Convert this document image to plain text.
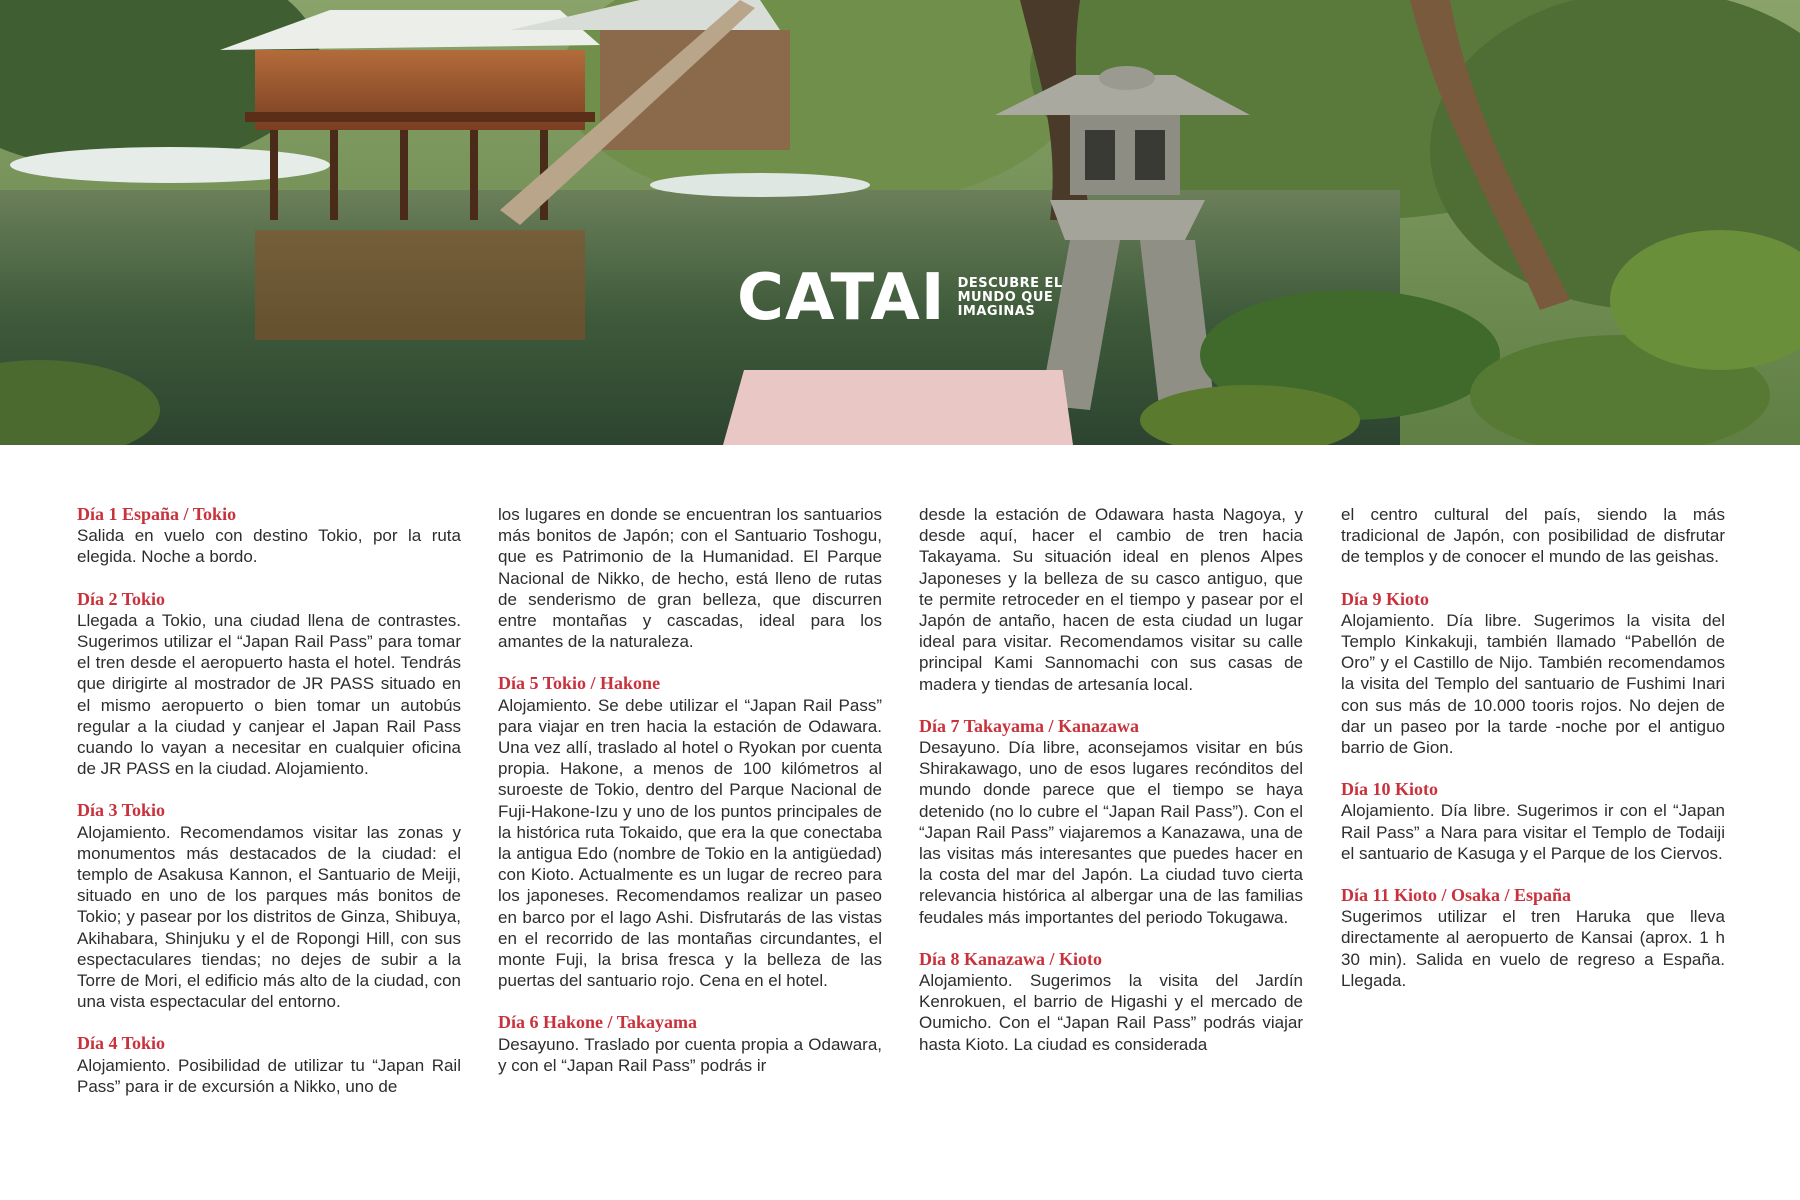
CATAI DESCUBRE EL MUNDO QUE IMAGINAS
Día 1 España / Tokio

Salida en vuelo con destino Tokio, por la ruta elegida. Noche a bordo.

Día 2 Tokio

Llegada a Tokio, una ciudad llena de contrastes. Sugerimos utilizar el “Japan Rail Pass” para tomar el tren desde el aeropuerto hasta el hotel. Tendrás que dirigirte al mostrador de JR PASS situado en el mismo aeropuerto o bien tomar un autobús regular a la ciudad y canjear el Japan Rail Pass cuando lo vayan a necesitar en cualquier oficina de JR PASS en la ciudad. Alojamiento.

Día 3 Tokio

Alojamiento. Recomendamos visitar las zonas y monumentos más destacados de la ciudad: el templo de Asakusa Kannon, el Santuario de Meiji, situado en uno de los parques más bonitos de Tokio; y pasear por los distritos de Ginza, Shibuya, Akihabara, Shinjuku y el de Ropongi Hill, con sus espectaculares tiendas; no dejes de subir a la Torre de Mori, el edificio más alto de la ciudad, con una vista espectacular del entorno.

Día 4 Tokio

Alojamiento. Posibilidad de utilizar tu “Japan Rail Pass” para ir de excursión a Nikko, uno de

los lugares en donde se encuentran los santuarios más bonitos de Japón; con el Santuario Toshogu, que es Patrimonio de la Humanidad. El Parque Nacional de Nikko, de hecho, está lleno de rutas de senderismo de gran belleza, que discurren entre montañas y cascadas, ideal para los amantes de la naturaleza.

Día 5 Tokio / Hakone

Alojamiento. Se debe utilizar el “Japan Rail Pass” para viajar en tren hacia la estación de Odawara. Una vez allí, traslado al hotel o Ryokan por cuenta propia. Hakone, a menos de 100 kilómetros al suroeste de Tokio, dentro del Parque Nacional de Fuji-Hakone-Izu y uno de los puntos principales de la histórica ruta Tokaido, que era la que conectaba la antigua Edo (nombre de Tokio en la antigüedad) con Kioto. Actualmente es un lugar de recreo para los japoneses. Recomendamos realizar un paseo en barco por el lago Ashi. Disfrutarás de las vistas en el recorrido de las montañas circundantes, el monte Fuji, la brisa fresca y la belleza de las puertas del santuario rojo. Cena en el hotel.

Día 6 Hakone / Takayama

Desayuno. Traslado por cuenta propia a Odawara, y con el “Japan Rail Pass” podrás ir

desde la estación de Odawara hasta Nagoya, y desde aquí, hacer el cambio de tren hacia Takayama. Su situación ideal en plenos Alpes Japoneses y la belleza de su casco antiguo, que te permite retroceder en el tiempo y pasear por el Japón de antaño, hacen de esta ciudad un lugar ideal para visitar. Recomendamos visitar su calle principal Kami Sannomachi con sus casas de madera y tiendas de artesanía local.

Día 7 Takayama / Kanazawa

Desayuno. Día libre, aconsejamos visitar en bús Shirakawago, uno de esos lugares recónditos del mundo donde parece que el tiempo se haya detenido (no lo cubre el “Japan Rail Pass”). Con el “Japan Rail Pass” viajaremos a Kanazawa, una de las visitas más interesantes que puedes hacer en la costa del mar del Japón. La ciudad tuvo cierta relevancia histórica al albergar una de las familias feudales más importantes del periodo Tokugawa.

Día 8 Kanazawa / Kioto

Alojamiento. Sugerimos la visita del Jardín Kenrokuen, el barrio de Higashi y el mercado de Oumicho. Con el “Japan Rail Pass” podrás viajar hasta Kioto. La ciudad es considerada

el centro cultural del país, siendo la más tradicional de Japón, con posibilidad de disfrutar de templos y de conocer el mundo de las geishas.

Día 9 Kioto

Alojamiento. Día libre. Sugerimos la visita del Templo Kinkakuji, también llamado “Pabellón de Oro” y el Castillo de Nijo. También recomendamos la visita del Templo del santuario de Fushimi Inari con sus más de 10.000 tooris rojos. No dejen de dar un paseo por la tarde -noche por el antiguo barrio de Gion.

Día 10 Kioto

Alojamiento. Día libre. Sugerimos ir con el “Japan Rail Pass” a Nara para visitar el Templo de Todaiji el santuario de Kasuga y el Parque de los Ciervos.

Día 11 Kioto / Osaka / España

Sugerimos utilizar el tren Haruka que lleva directamente al aeropuerto de Kansai (aprox. 1 h 30 min). Salida en vuelo de regreso a España. Llegada.
